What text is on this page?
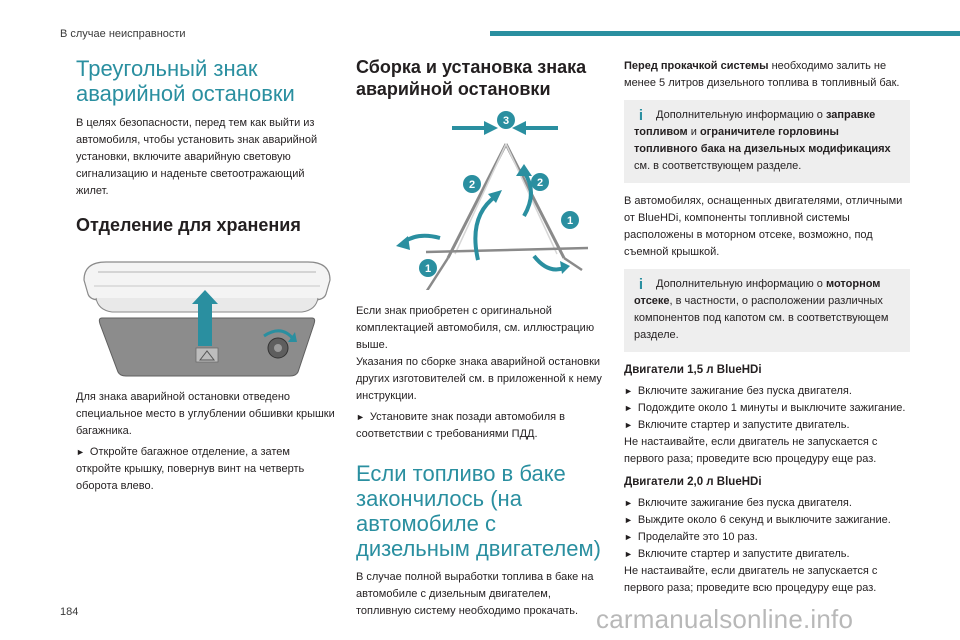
В случае неисправности
Треугольный знак аварийной остановки

В целях безопасности, перед тем как выйти из автомобиля, чтобы установить знак аварийной установки, включите аварийную световую сигнализацию и наденьте светоотражающий жилет.

Отделение для хранения

Для знака аварийной остановки отведено специальное место в углублении обшивки крышки багажника.

► Откройте багажное отделение, а затем откройте крышку, повернув винт на четверть оборота влево.

Сборка и установка знака аварийной остановки
3
2	2
1
1

Если знак приобретен с оригинальной комплектацией автомобиля, см. иллюстрацию выше.

Указания по сборке знака аварийной остановки других изготовителей см. в приложенной к нему инструкции.

► Установите знак позади автомобиля в соответствии с требованиями ПДД.

Если топливо в баке закончилось (на автомобиле с дизельным двигателем)

В случае полной выработки топлива в баке на автомобиле с дизельным двигателем, топливную систему необходимо прокачать.

Перед прокачкой системы необходимо залить не менее 5 литров дизельного топлива в топливный бак.

i Дополнительную информацию о заправке топливом и ограничителе горловины топливного бака на дизельных модификациях см. в соответствующем разделе.

В автомобилях, оснащенных двигателями, отличными от BlueHDi, компоненты топливной системы расположены в моторном отсеке, возможно, под съемной крышкой.

i Дополнительную информацию о моторном отсеке, в частности, о расположении различных компонентов под капотом см. в соответствующем разделе.
Двигатели 1,5 л BlueHDi

► Включите зажигание без пуска двигателя.

► Подождите около 1 минуты и выключите зажигание.

► Включите стартер и запустите двигатель.

Не настаивайте, если двигатель не запускается с первого раза; проведите всю процедуру еще раз.

Двигатели 2,0 л BlueHDi

► Включите зажигание без пуска двигателя.

► Выждите около 6 секунд и выключите зажигание.

► Проделайте это 10 раз.

► Включите стартер и запустите двигатель.

Не настаивайте, если двигатель не запускается с первого раза; проведите всю процедуру еще раз.

184	carmanualsonline.info
